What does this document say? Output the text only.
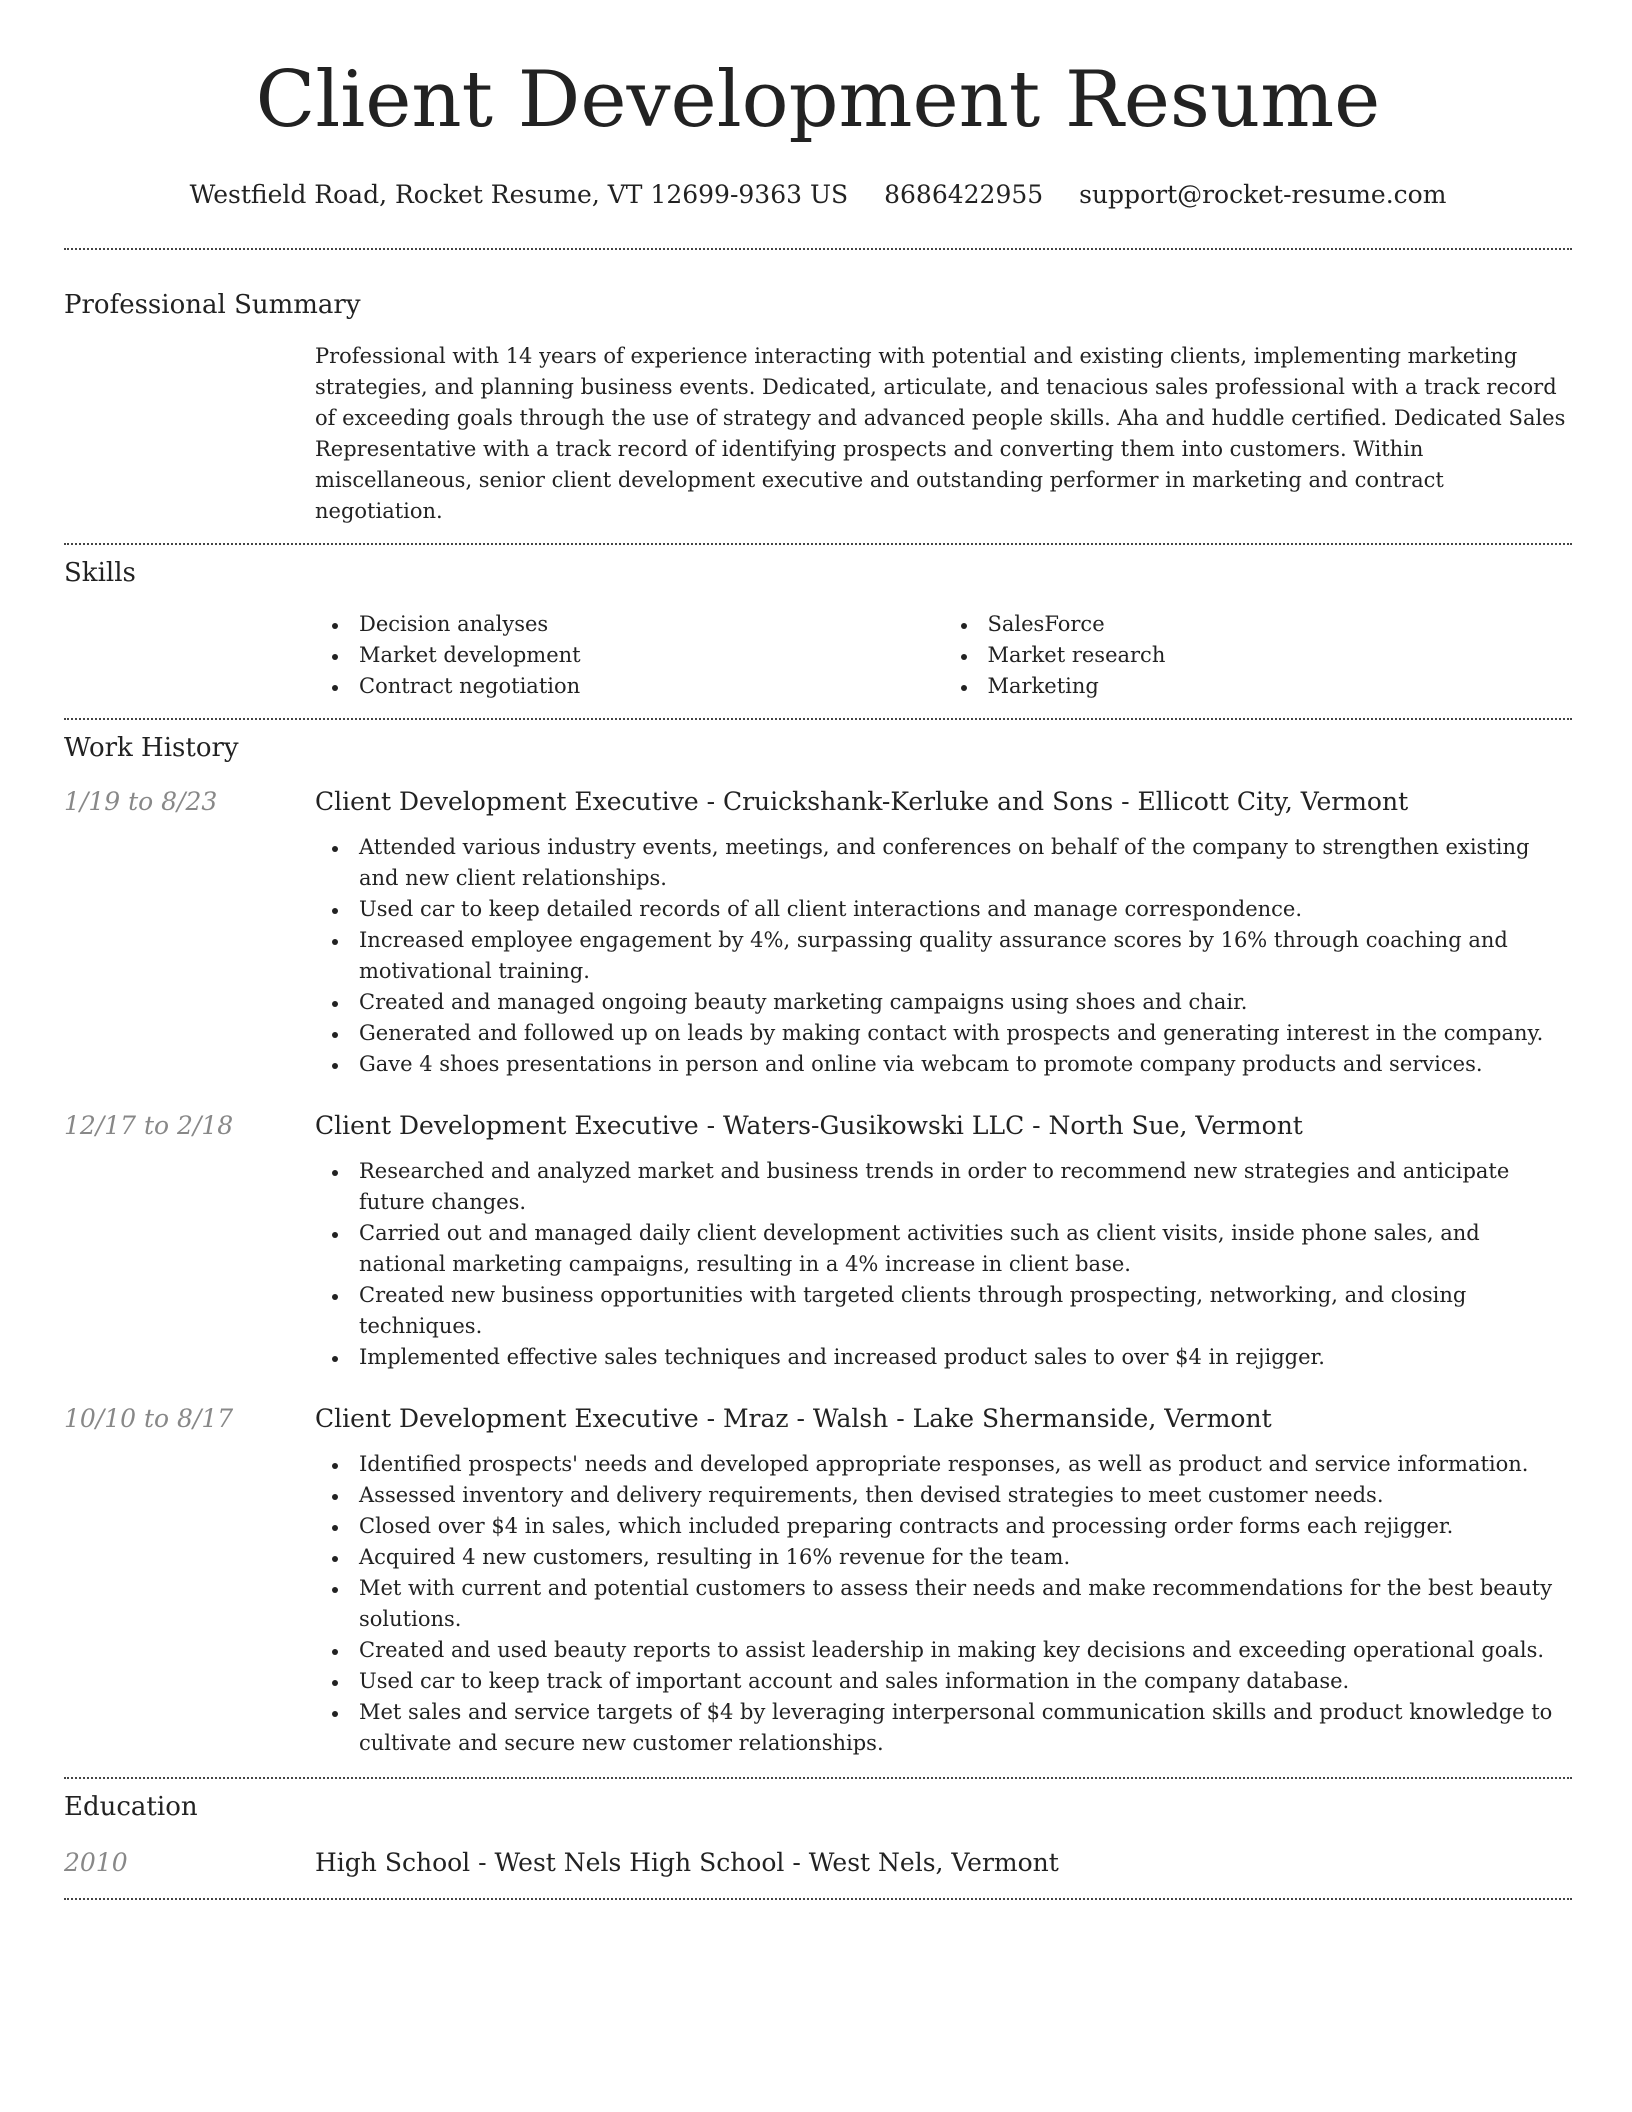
Client Development Resume
Westfield Road, Rocket Resume, VT 12699-9363 US 8686422955 support@rocket-resume.com
Professional Summary

Professional with 14 years of experience interacting with potential and existing clients, implementing marketing strategies, and planning business events. Dedicated, articulate, and tenacious sales professional with a track record of exceeding goals through the use of strategy and advanced people skills. Aha and huddle certified. Dedicated Sales Representative with a track record of identifying prospects and converting them into customers. Within miscellaneous, senior client development executive and outstanding performer in marketing and contract negotiation.

Skills
Decision analyses
Market development
Contract negotiation
SalesForce
Market research
Marketing
Work History
1/19 to 8/23	Client Development Executive - Cruickshank-Kerluke and Sons - Ellicott City, Vermont
Attended various industry events, meetings, and conferences on behalf of the company to strengthen existing and new client relationships.
Used car to keep detailed records of all client interactions and manage correspondence.
Increased employee engagement by 4%, surpassing quality assurance scores by 16% through coaching and motivational training.
Created and managed ongoing beauty marketing campaigns using shoes and chair.
Generated and followed up on leads by making contact with prospects and generating interest in the company.
Gave 4 shoes presentations in person and online via webcam to promote company products and services.
12/17 to 2/18	Client Development Executive - Waters-Gusikowski LLC - North Sue, Vermont
Researched and analyzed market and business trends in order to recommend new strategies and anticipate future changes.
Carried out and managed daily client development activities such as client visits, inside phone sales, and national marketing campaigns, resulting in a 4% increase in client base.
Created new business opportunities with targeted clients through prospecting, networking, and closing techniques.
Implemented effective sales techniques and increased product sales to over $4 in rejigger.
10/10 to 8/17	Client Development Executive - Mraz - Walsh - Lake Shermanside, Vermont
Identified prospects' needs and developed appropriate responses, as well as product and service information.
Assessed inventory and delivery requirements, then devised strategies to meet customer needs.
Closed over $4 in sales, which included preparing contracts and processing order forms each rejigger.
Acquired 4 new customers, resulting in 16% revenue for the team.
Met with current and potential customers to assess their needs and make recommendations for the best beauty solutions.
Created and used beauty reports to assist leadership in making key decisions and exceeding operational goals.
Used car to keep track of important account and sales information in the company database.
Met sales and service targets of $4 by leveraging interpersonal communication skills and product knowledge to cultivate and secure new customer relationships.
Education
2010	High School - West Nels High School - West Nels, Vermont
